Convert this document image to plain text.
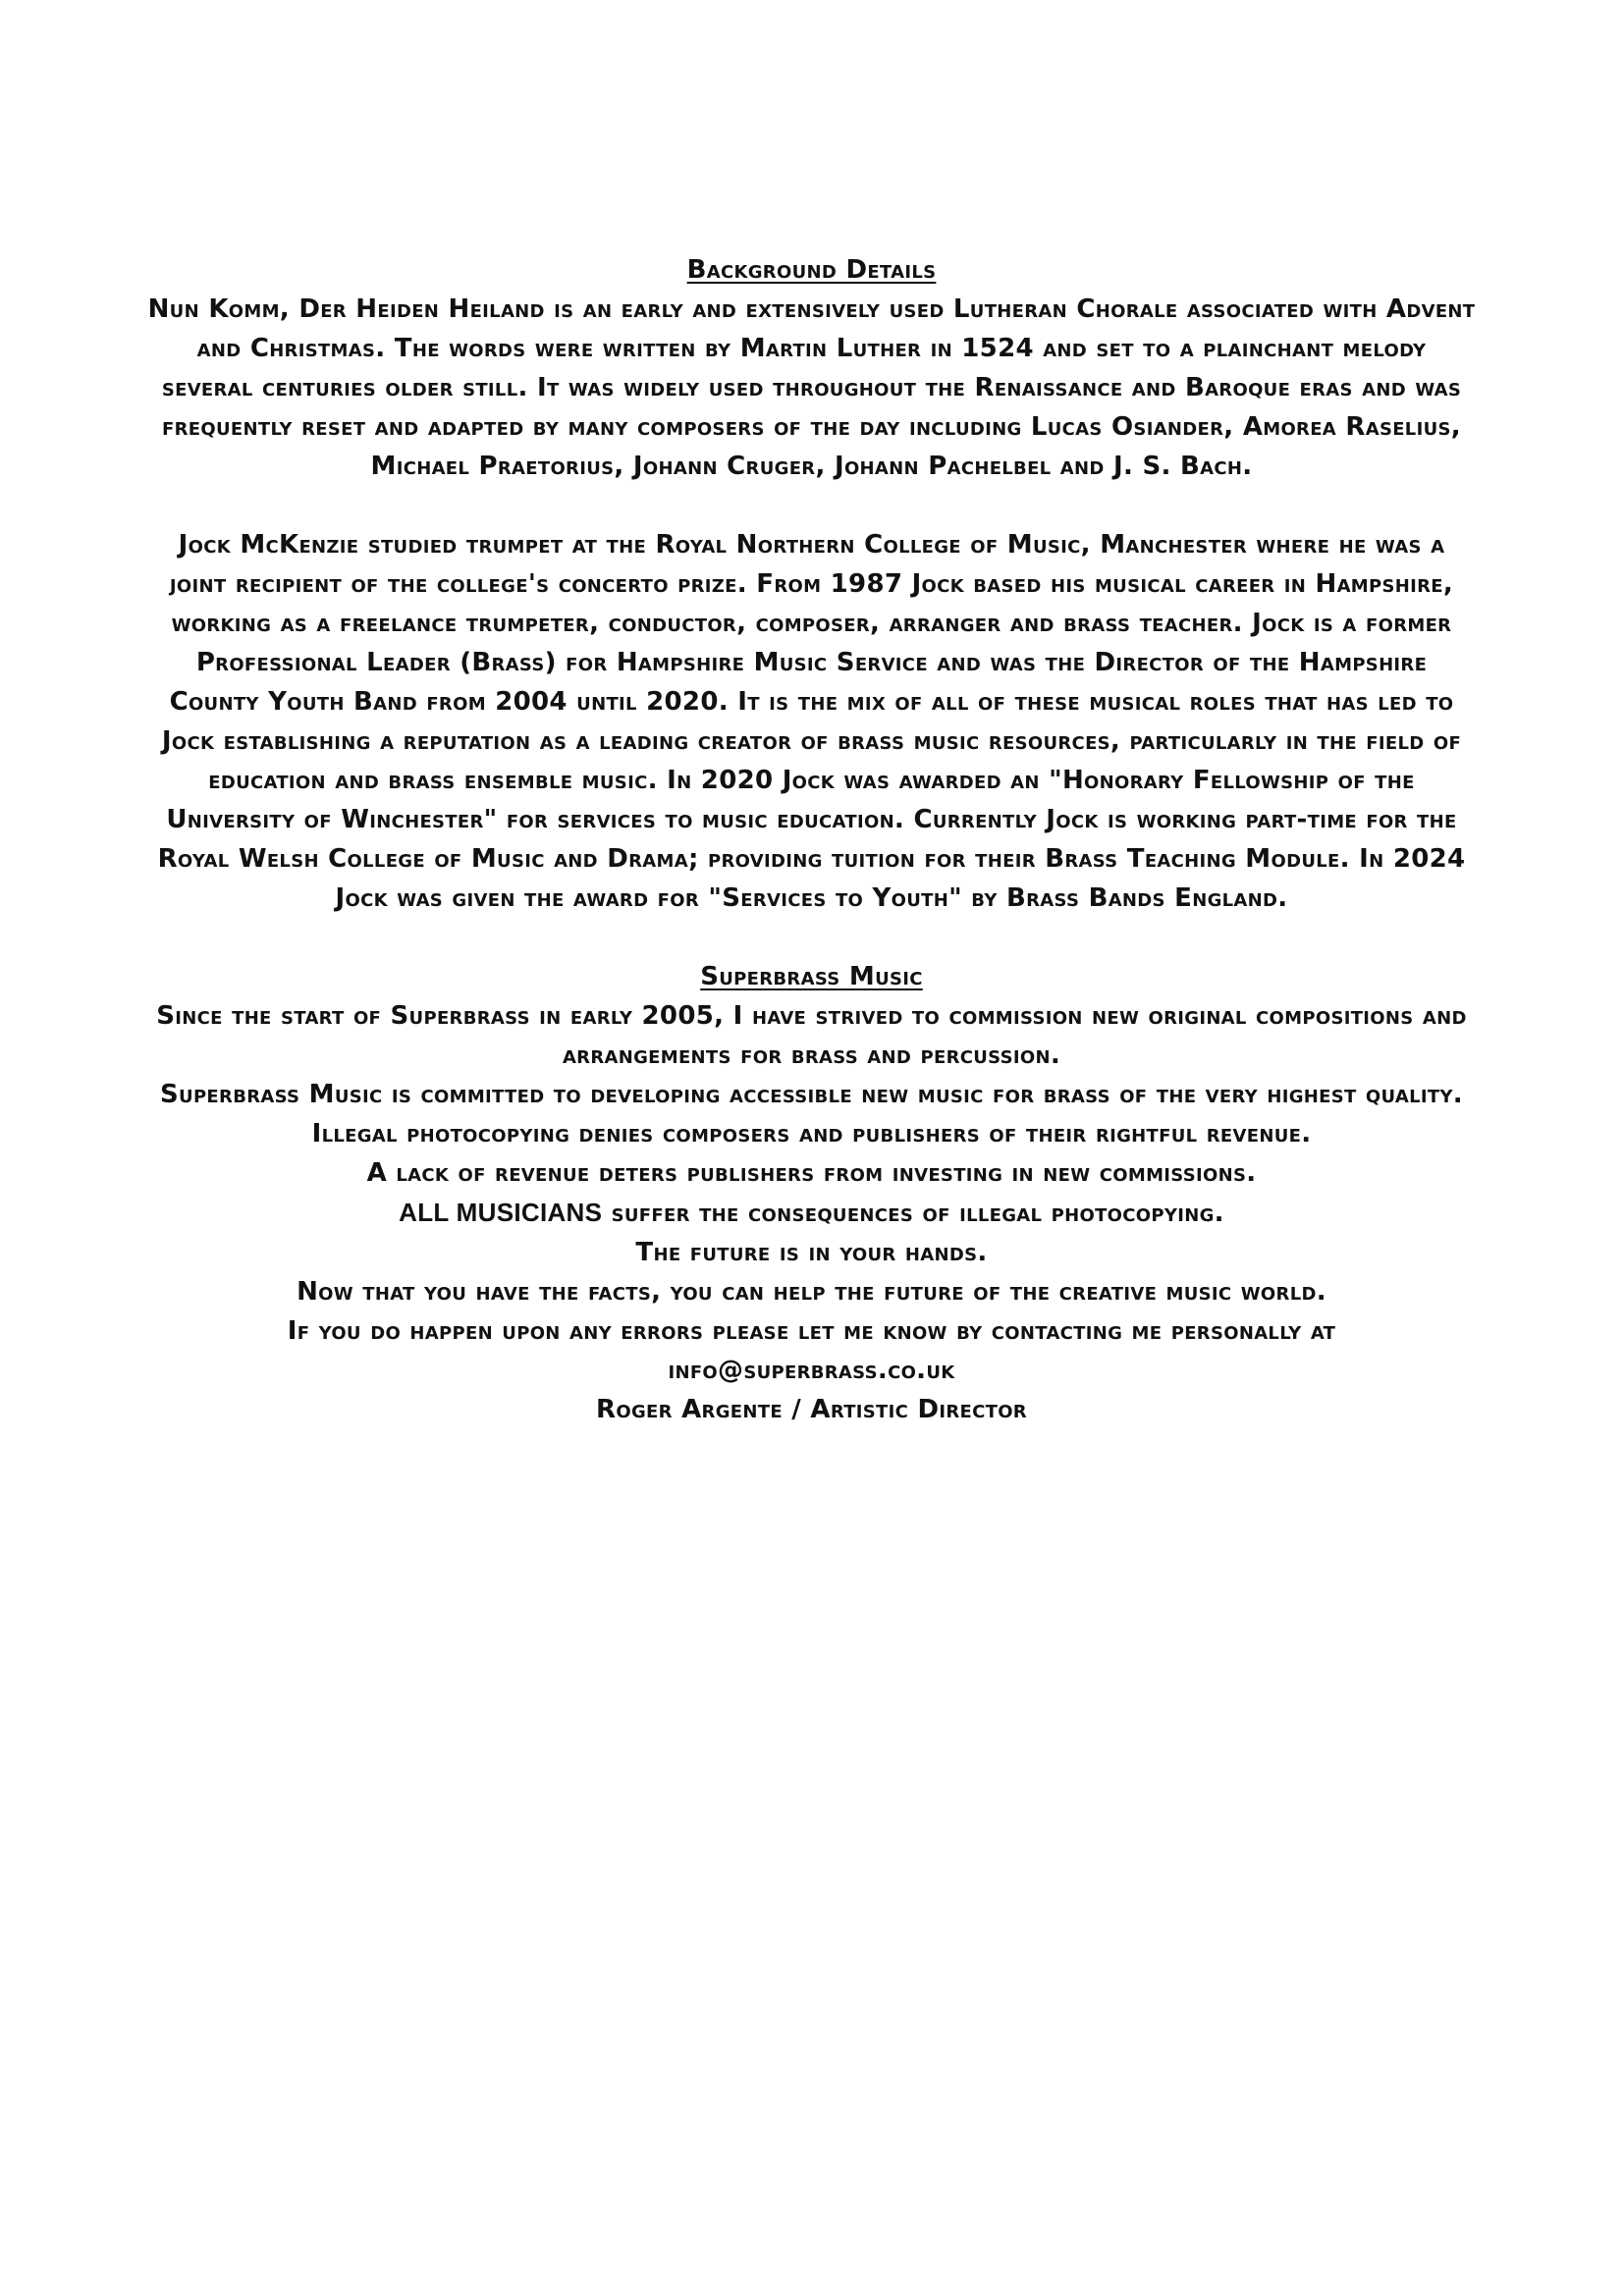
Background Details
Nun Komm, Der Heiden Heiland is an early and extensively used Lutheran Chorale associated with Advent and Christmas. The words were written by Martin Luther in 1524 and set to a plainchant melody several centuries older still. It was widely used throughout the Renaissance and Baroque eras and was frequently reset and adapted by many composers of the day including Lucas Osiander, Amorea Raselius, Michael Praetorius, Johann Cruger, Johann Pachelbel and J. S. Bach.
Jock McKenzie studied trumpet at the Royal Northern College of Music, Manchester where he was a joint recipient of the college's concerto prize. From 1987 Jock based his musical career in Hampshire, working as a freelance trumpeter, conductor, composer, arranger and brass teacher. Jock is a former Professional Leader (Brass) for Hampshire Music Service and was the Director of the Hampshire County Youth Band from 2004 until 2020. It is the mix of all of these musical roles that has led to Jock establishing a reputation as a leading creator of brass music resources, particularly in the field of education and brass ensemble music. In 2020 Jock was awarded an "Honorary Fellowship of the University of Winchester" for services to music education. Currently Jock is working part-time for the Royal Welsh College of Music and Drama; providing tuition for their Brass Teaching Module. In 2024 Jock was given the award for "Services to Youth" by Brass Bands England.
Superbrass Music
Since the start of Superbrass in early 2005, I have strived to commission new original compositions and arrangements for brass and percussion.
Superbrass Music is committed to developing accessible new music for brass of the very highest quality.
Illegal photocopying denies composers and publishers of their rightful revenue.
A lack of revenue deters publishers from investing in new commissions.
ALL MUSICIANS suffer the consequences of illegal photocopying.
The future is in your hands.
Now that you have the facts, you can help the future of the creative music world.
If you do happen upon any errors please let me know by contacting me personally at
info@superbrass.co.uk
Roger Argente / Artistic Director
